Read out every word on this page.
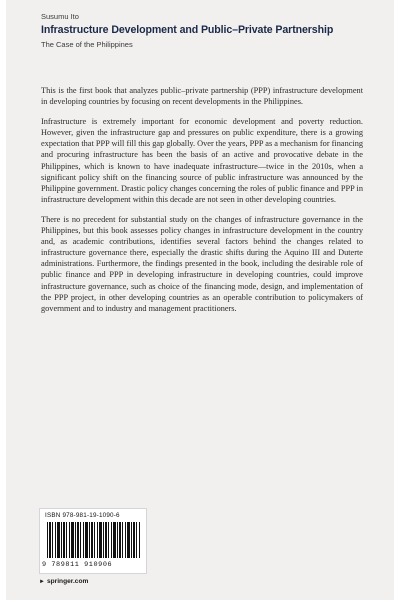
Susumu Ito
Infrastructure Development and Public–Private Partnership
The Case of the Philippines

This is the first book that analyzes public–private partnership (PPP) infrastructure development in developing countries by focusing on recent developments in the Philippines.

Infrastructure is extremely important for economic development and poverty reduction. However, given the infrastructure gap and pressures on public expenditure, there is a growing expectation that PPP will fill this gap globally. Over the years, PPP as a mechanism for financing and procuring infrastructure has been the basis of an active and provocative debate in the Philippines, which is known to have inadequate infrastructure—twice in the 2010s, when a significant policy shift on the financing source of public infrastructure was announced by the Philippine government. Drastic policy changes concerning the roles of public finance and PPP in infrastructure development within this decade are not seen in other developing countries.

There is no precedent for substantial study on the changes of infrastructure governance in the Philippines, but this book assesses policy changes in infrastructure development in the country and, as academic contributions, identifies several factors behind the changes related to infrastructure governance there, especially the drastic shifts during the Aquino III and Duterte administrations. Furthermore, the findings presented in the book, including the desirable role of public finance and PPP in developing infrastructure in developing countries, could improve infrastructure governance, such as choice of the financing mode, design, and implementation of the PPP project, in other developing countries as an operable contribution to policymakers of government and to industry and management practitioners.

ISBN 978-981-19-1090-6
9 789811 910906
► springer.com
